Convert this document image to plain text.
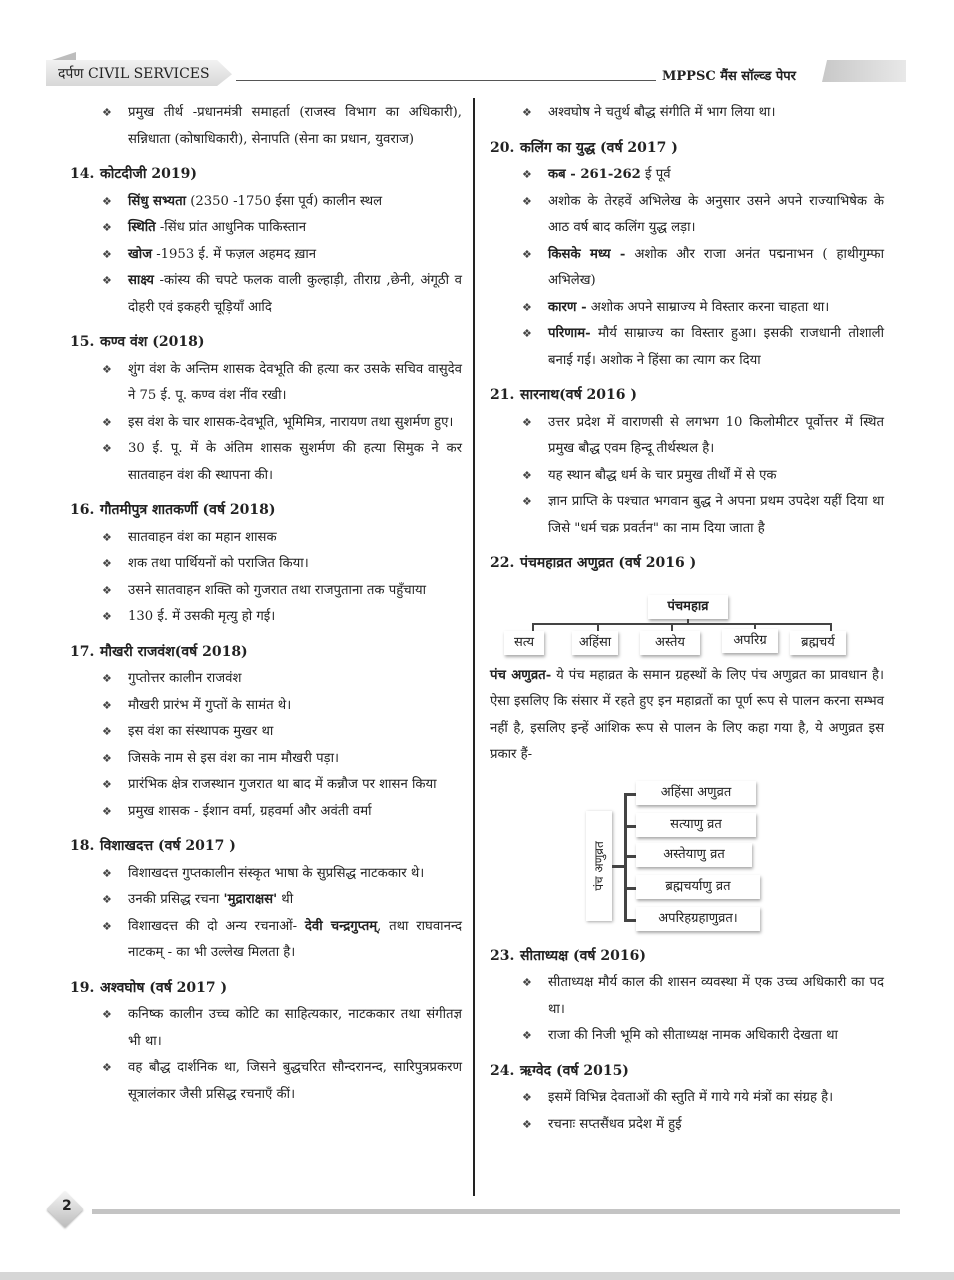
दर्पण CIVIL SERVICES	MPPSC मैंस सॉल्व्ड पेपर
❖ प्रमुख तीर्थ -प्रधानमंत्री समाहर्ता (राजस्व विभाग का अधिकारी), सन्निधाता (कोषाधिकारी), सेनापति (सेना का प्रधान, युवराज)
14. कोटदीजी 2019)
❖ सिंधु सभ्यता (2350 -1750 ईसा पूर्व) कालीन स्थल
❖ स्थिति -सिंध प्रांत आधुनिक पाकिस्तान
❖ खोज -1953 ई. में फज़ल अहमद ख़ान
❖ साक्ष्य -कांस्य की चपटे फलक वाली कुल्हाड़ी, तीराग्र ,छेनी, अंगूठी व दोहरी एवं इकहरी चूड़ियाँ आदि
15. कण्व वंश (2018)
❖ शुंग वंश के अन्तिम शासक देवभूति की हत्या कर उसके सचिव वासुदेव ने 75 ई. पू. कण्व वंश नींव रखी।
❖ इस वंश के चार शासक-देवभूति, भूमिमित्र, नारायण तथा सुशर्मण हुए।
❖ 30 ई. पू. में के अंतिम शासक सुशर्मण की हत्या सिमुक ने कर सातवाहन वंश की स्थापना की।
16. गौतमीपुत्र शातकर्णी (वर्ष 2018)
❖ सातवाहन वंश का महान शासक
❖ शक तथा पार्थियनों को पराजित किया।
❖ उसने सातवाहन शक्ति को गुजरात तथा राजपुताना तक पहुँचाया
❖ 130 ई. में उसकी मृत्यु हो गई।
17. मौखरी राजवंश(वर्ष 2018)
❖ गुप्तोत्तर कालीन राजवंश
❖ मौखरी प्रारंभ में गुप्तों के सामंत थे।
❖ इस वंश का संस्थापक मुखर था
❖ जिसके नाम से इस वंश का नाम मौखरी पड़ा।
❖ प्रारंभिक क्षेत्र राजस्थान गुजरात था बाद में कन्नौज पर शासन किया
❖ प्रमुख शासक - ईशान वर्मा, ग्रहवर्मा और अवंती वर्मा
18. विशाखदत्त (वर्ष 2017 )
❖ विशाखदत्त गुप्तकालीन संस्कृत भाषा के सुप्रसिद्ध नाटककार थे।
❖ उनकी प्रसिद्ध रचना 'मुद्राराक्षस' थी
❖ विशाखदत्त की दो अन्य रचनाओं- देवी चन्द्रगुप्तम्, तथा राघवानन्द नाटकम् - का भी उल्लेख मिलता है।
19. अश्वघोष (वर्ष 2017 )
❖ कनिष्क कालीन उच्च कोटि का साहित्यकार, नाटककार तथा संगीतज्ञ भी था।
❖ वह बौद्ध दार्शनिक था, जिसने बुद्धचरित सौन्दरानन्द, सारिपुत्रप्रकरण सूत्रालंकार जैसी प्रसिद्ध रचनाएँ कीं।
❖ अश्वघोष ने चतुर्थ बौद्ध संगीति में भाग लिया था।
20. कलिंग का युद्ध (वर्ष 2017 )
❖ कब - 261-262 ई पूर्व
❖ अशोक के तेरहवें अभिलेख के अनुसार उसने अपने राज्याभिषेक के आठ वर्ष बाद कलिंग युद्ध लड़ा।
❖ किसके मध्य - अशोक और राजा अनंत पद्मनाभन ( हाथीगुम्फा अभिलेख)
❖ कारण - अशोक अपने साम्राज्य मे विस्तार करना चाहता था।
❖ परिणाम- मौर्य साम्राज्य का विस्तार हुआ। इसकी राजधानी तोशाली बनाई गई। अशोक ने हिंसा का त्याग कर दिया
21. सारनाथ(वर्ष 2016 )
❖ उत्तर प्रदेश में वाराणसी से लगभग 10 किलोमीटर पूर्वोत्तर में स्थित प्रमुख बौद्ध एवम हिन्दू तीर्थस्थल है।
❖ यह स्थान बौद्ध धर्म के चार प्रमुख तीर्थों में से एक
❖ ज्ञान प्राप्ति के पश्चात भगवान बुद्ध ने अपना प्रथम उपदेश यहीं दिया था जिसे "धर्म चक्र प्रवर्तन" का नाम दिया जाता है
22. पंचमहाव्रत अणुव्रत (वर्ष 2016 )
पंचमहाव्र
सत्य	अहिंसा	अस्तेय	अपरिग्र	ब्रह्मचर्य
पंच अणुव्रत- ये पंच महाव्रत के समान ग्रहस्थों के लिए पंच अणुव्रत का प्रावधान है। ऐसा इसलिए कि संसार में रहते हुए इन महाव्रतों का पूर्ण रूप से पालन करना सम्भव नहीं है, इसलिए इन्हें आंशिक रूप से पालन के लिए कहा गया है, ये अणुव्रत इस प्रकार हैं-
पंच अणुव्रत
अहिंसा अणुव्रत
सत्याणु व्रत
अस्तेयाणु व्रत
ब्रह्मचर्याणु व्रत
अपरिहग्रहाणुव्रत।
23. सीताध्यक्ष (वर्ष 2016)
❖ सीताध्यक्ष मौर्य काल की शासन व्यवस्था में एक उच्च अधिकारी का पद था।
❖ राजा की निजी भूमि को सीताध्यक्ष नामक अधिकारी देखता था
24. ऋग्वेद (वर्ष 2015)
❖ इसमें विभिन्न देवताओं की स्तुति में गाये गये मंत्रों का संग्रह है।
❖ रचनाः सप्तसैंधव प्रदेश में हुई
2
